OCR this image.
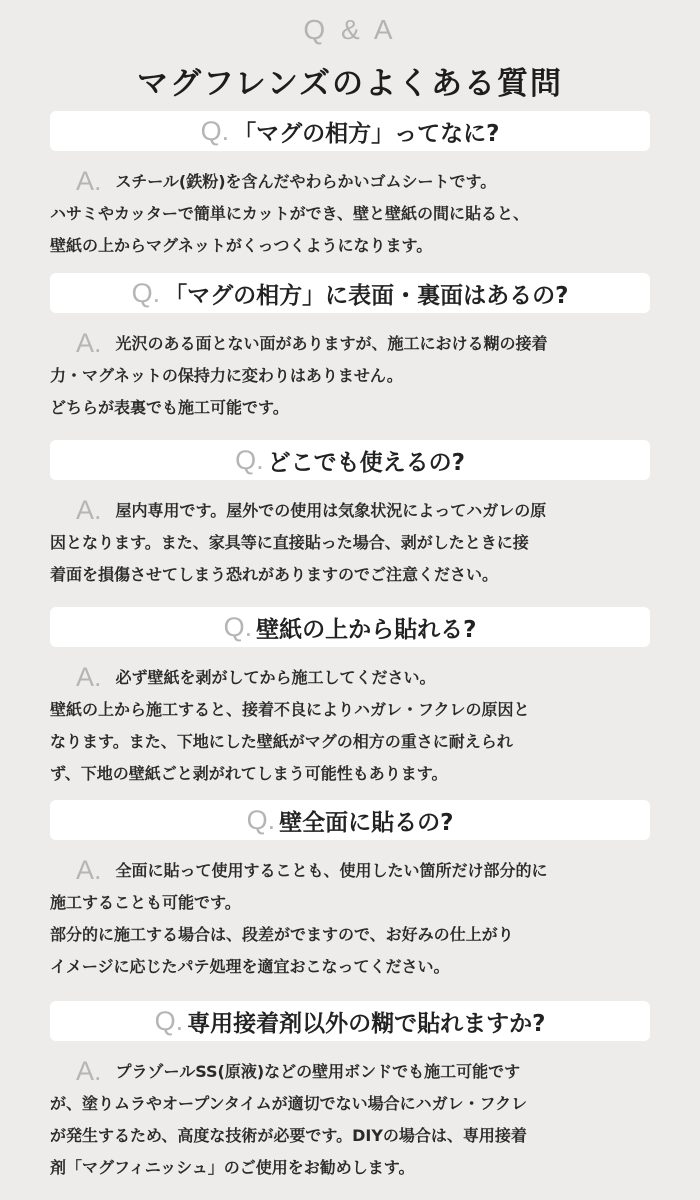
Q & A
マグフレンズのよくある質問
Q. 「マグの相方」ってなに?
A. スチール(鉄粉)を含んだやわらかいゴムシートです。
ハサミやカッターで簡単にカットができ、壁と壁紙の間に貼ると、
壁紙の上からマグネットがくっつくようになります。
Q. 「マグの相方」に表面・裏面はあるの?
A. 光沢のある面とない面がありますが、施工における糊の接着
力・マグネットの保持力に変わりはありません。
どちらが表裏でも施工可能です。
Q. どこでも使えるの?
A. 屋内専用です。屋外での使用は気象状況によってハガレの原
因となります。また、家具等に直接貼った場合、剥がしたときに接
着面を損傷させてしまう恐れがありますのでご注意ください。
Q. 壁紙の上から貼れる?
A. 必ず壁紙を剥がしてから施工してください。
壁紙の上から施工すると、接着不良によりハガレ・フクレの原因と
なります。また、下地にした壁紙がマグの相方の重さに耐えられ
ず、下地の壁紙ごと剥がれてしまう可能性もあります。
Q. 壁全面に貼るの?
A. 全面に貼って使用することも、使用したい箇所だけ部分的に
施工することも可能です。
部分的に施工する場合は、段差がでますので、お好みの仕上がり
イメージに応じたパテ処理を適宜おこなってください。
Q. 専用接着剤以外の糊で貼れますか?
A. プラゾールSS(原液)などの壁用ボンドでも施工可能です
が、塗りムラやオープンタイムが適切でない場合にハガレ・フクレ
が発生するため、高度な技術が必要です。DIYの場合は、専用接着
剤「マグフィニッシュ」のご使用をお勧めします。
